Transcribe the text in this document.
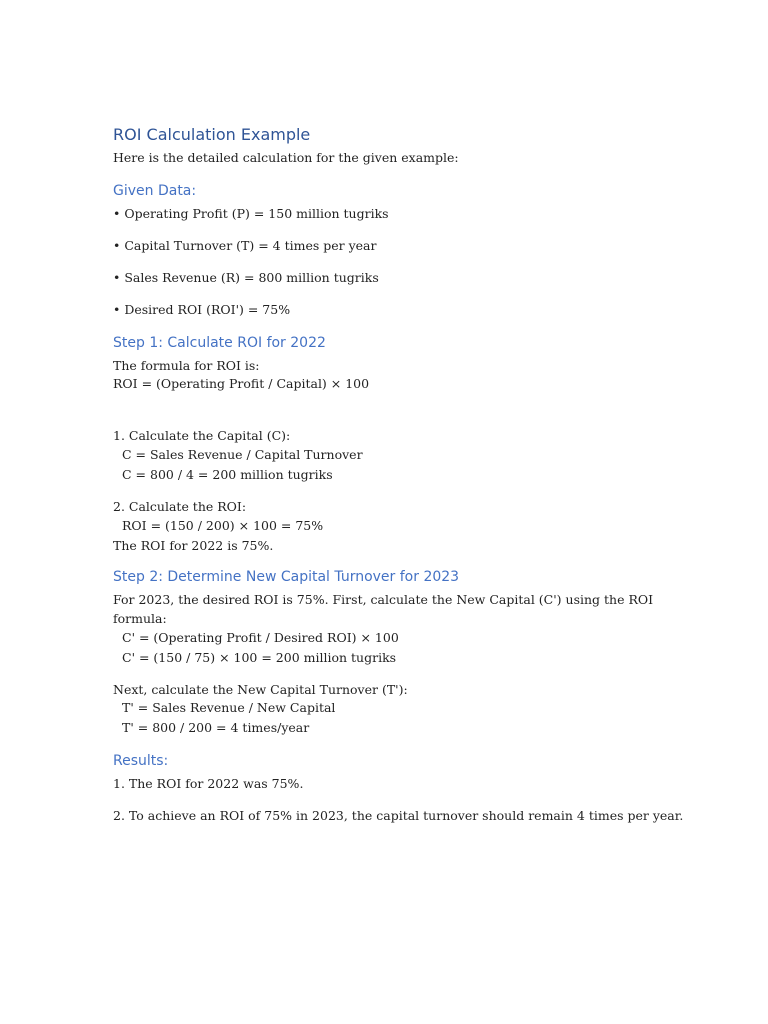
ROI Calculation Example

Here is the detailed calculation for the given example:

Given Data:

• Operating Profit (P) = 150 million tugriks

• Capital Turnover (T) = 4 times per year

• Sales Revenue (R) = 800 million tugriks

• Desired ROI (ROI') = 75%

Step 1: Calculate ROI for 2022

The formula for ROI is:

ROI = (Operating Profit / Capital) × 100

1. Calculate the Capital (C):

C = Sales Revenue / Capital Turnover

C = 800 / 4 = 200 million tugriks

2. Calculate the ROI:

ROI = (150 / 200) × 100 = 75%

The ROI for 2022 is 75%.

Step 2: Determine New Capital Turnover for 2023

For 2023, the desired ROI is 75%. First, calculate the New Capital (C') using the ROI

formula:

C' = (Operating Profit / Desired ROI) × 100

C' = (150 / 75) × 100 = 200 million tugriks

Next, calculate the New Capital Turnover (T'):

T' = Sales Revenue / New Capital

T' = 800 / 200 = 4 times/year

Results:

1. The ROI for 2022 was 75%.

2. To achieve an ROI of 75% in 2023, the capital turnover should remain 4 times per year.
